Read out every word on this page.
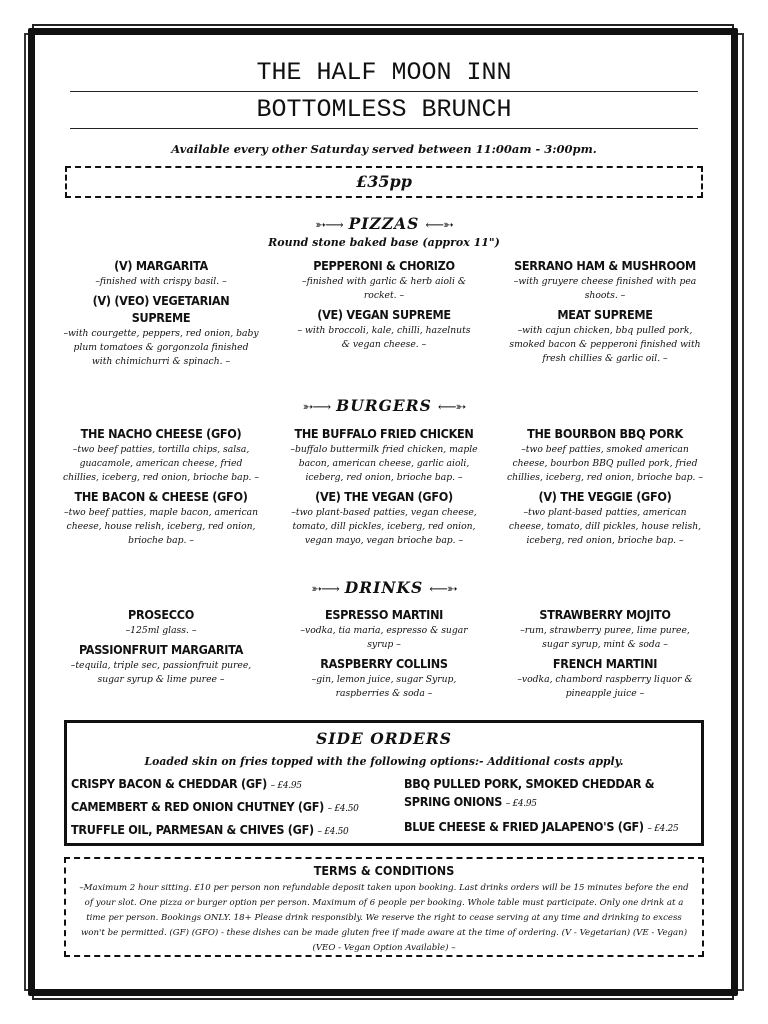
THE HALF MOON INN
BOTTOMLESS BRUNCH
Available every other Saturday served between 11:00am - 3:00pm.
£35pp
➳⟶ PIZZAS ⟵➳
Round stone baked base (approx 11")
(V) MARGARITA
–finished with crispy basil. –
(V) (VEO) VEGETARIAN SUPREME
–with courgette, peppers, red onion, baby plum tomatoes & gorgonzola finished with chimichurri & spinach. –
PEPPERONI & CHORIZO
–finished with garlic & herb aioli & rocket. –
(VE) VEGAN SUPREME
– with broccoli, kale, chilli, hazelnuts & vegan cheese. –
SERRANO HAM & MUSHROOM
–with gruyere cheese finished with pea shoots. –
MEAT SUPREME
–with cajun chicken, bbq pulled pork, smoked bacon & pepperoni finished with fresh chillies & garlic oil. –
➳⟶ BURGERS ⟵➳
THE NACHO CHEESE (GFO)
–two beef patties, tortilla chips, salsa, guacamole, american cheese, fried chillies, iceberg, red onion, brioche bap. –
THE BACON & CHEESE (GFO)
–two beef patties, maple bacon, american cheese, house relish, iceberg, red onion, brioche bap. –
THE BUFFALO FRIED CHICKEN
–buffalo buttermilk fried chicken, maple bacon, american cheese, garlic aioli, iceberg, red onion, brioche bap. –
(VE) THE VEGAN (GFO)
–two plant-based patties, vegan cheese, tomato, dill pickles, iceberg, red onion, vegan mayo, vegan brioche bap. –
THE BOURBON BBQ PORK
–two beef patties, smoked american cheese, bourbon BBQ pulled pork, fried chillies, iceberg, red onion, brioche bap. –
(V) THE VEGGIE (GFO)
–two plant-based patties, american cheese, tomato, dill pickles, house relish, iceberg, red onion, brioche bap. –
➳⟶ DRINKS ⟵➳
PROSECCO
–125ml glass. –
PASSIONFRUIT MARGARITA
–tequila, triple sec, passionfruit puree, sugar syrup & lime puree –
ESPRESSO MARTINI
–vodka, tia maria, espresso & sugar syrup –
RASPBERRY COLLINS
–gin, lemon juice, sugar Syrup, raspberries & soda –
STRAWBERRY MOJITO
–rum, strawberry puree, lime puree, sugar syrup, mint & soda –
FRENCH MARTINI
–vodka, chambord raspberry liquor & pineapple juice –
SIDE ORDERS
Loaded skin on fries topped with the following options:- Additional costs apply.
CRISPY BACON & CHEDDAR (GF) – £4.95
CAMEMBERT & RED ONION CHUTNEY (GF) – £4.50
TRUFFLE OIL, PARMESAN & CHIVES (GF) – £4.50
BBQ PULLED PORK, SMOKED CHEDDAR & SPRING ONIONS – £4.95
BLUE CHEESE & FRIED JALAPENO'S (GF) – £4.25
TERMS & CONDITIONS
–Maximum 2 hour sitting. £10 per person non refundable deposit taken upon booking. Last drinks orders will be 15 minutes before the end of your slot. One pizza or burger option per person. Maximum of 6 people per booking. Whole table must participate. Only one drink at a time per person. Bookings ONLY. 18+ Please drink responsibly. We reserve the right to cease serving at any time and drinking to excess won't be permitted. (GF) (GFO) - these dishes can be made gluten free if made aware at the time of ordering. (V - Vegetarian) (VE - Vegan) (VEO - Vegan Option Available) –
